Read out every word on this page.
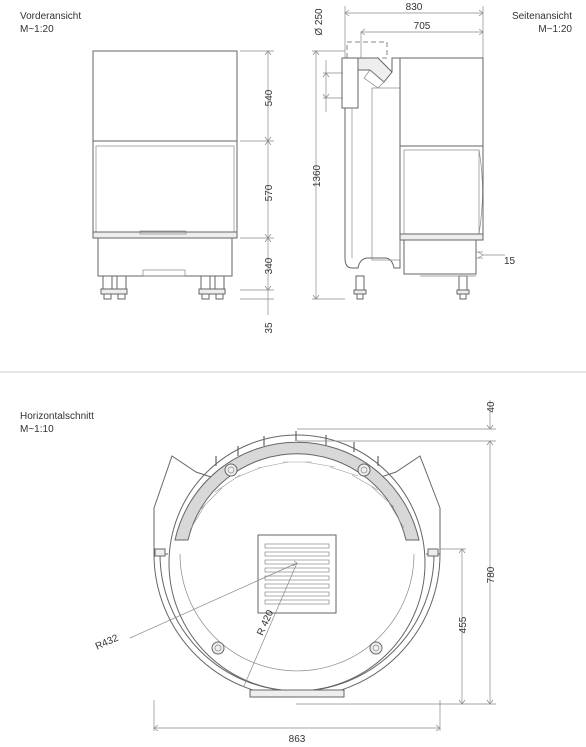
Vorderansicht
M~1:20
Seitenansicht
M~1:20
Horizontalschnitt
M~1:10
540
570
340
35
830
705
Ø 250
1360
15
40
780
455
863
R432
R 420
